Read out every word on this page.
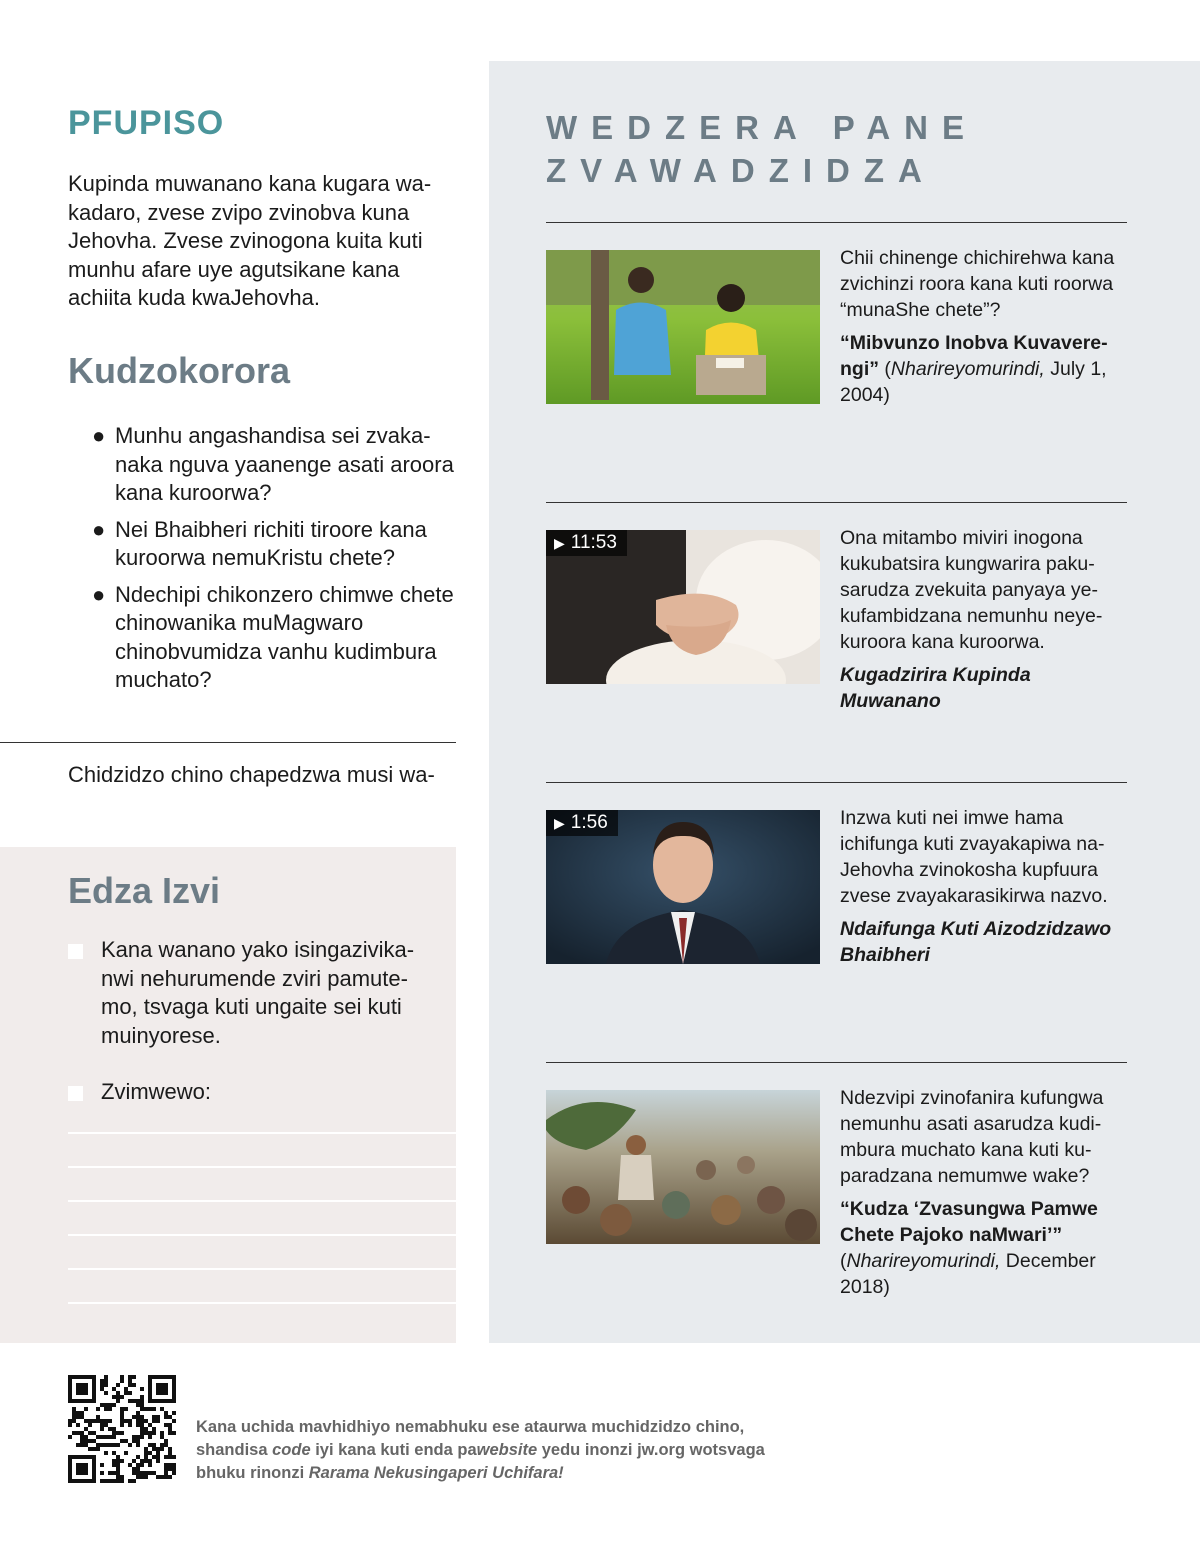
PFUPISO

Kupinda muwanano kana kugara wakadaro, zvese zvipo zvinobva kuna Jehovha. Zvese zvinogona kuita kuti munhu afare uye agutsikane kana achiita kuda kwaJehovha.

Kudzokorora
● Munhu angashandisa sei zvakanaka nguva yaanenge asati aroora kana kuroorwa?
● Nei Bhaibheri richiti tiroore kana kuroorwa nemuKristu chete?
● Ndechipi chikonzero chimwe chete chinowanika muMagwaro chinobvumidza vanhu kudimbura muchato?
Chidzidzo chino chapedzwa musi wa-
Edza Izvi
Kana wanano yako isingazivikanwi nehurumende zviri pamutemo, tsvaga kuti ungaite sei kuti muinyorese.
Zvimwewo:
WEDZERA PANE ZVAWADZIDZA
Chii chinenge chichirehwa kana zvichinzi roora kana kuti roorwa “munaShe chete”?
“Mibvunzo Inobva Kuvaverengi” (Nharireyomurindi, July 1, 2004)
▶ 11:53	Ona mitambo miviri inogona kukubatsira kungwarira pakusarudza zvekuita panyaya yekufambidzana nemunhu neyekuroora kana kuroorwa.
Kugadzirira Kupinda Muwanano
▶ 1:56	Inzwa kuti nei imwe hama ichifunga kuti zvayakapiwa naJehovha zvinokosha kupfuura zvese zvayakarasikirwa nazvo.
Ndaifunga Kuti Aizodzidzawo Bhaibheri
Ndezvipi zvinofanira kufungwa nemunhu asati asarudza kudimbura muchato kana kuti kuparadzana nemumwe wake?
“Kudza ‘Zvasungwa Pamwe Chete Pajoko naMwari’”
(Nharireyomurindi, December 2018)
Kana uchida mavhidhiyo nemabhuku ese ataurwa muchidzidzo chino, shandisa code iyi kana kuti enda pawebsite yedu inonzi jw.org wotsvaga bhuku rinonzi Rarama Nekusingaperi Uchifara!
